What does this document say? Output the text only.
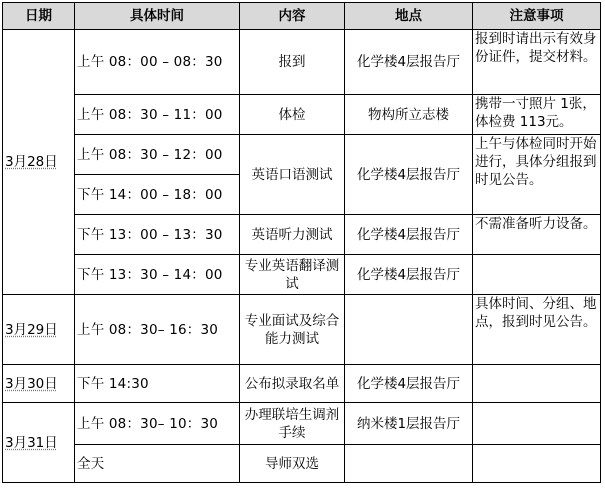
日期	具体时间	内容	地点	注意事项
3月28日	上午 08：00 – 08：30	报到	化学楼4层报告厅	报到时请出示有效身份证件，提交材料。
	上午 08：30 – 11：00	体检	物构所立志楼	携带一寸照片 1张，体检费 113元。
	上午 08：30 – 12：00	英语口语测试	化学楼4层报告厅	上午与体检同时开始进行，具体分组报到时见公告。
	下午 14：00 – 18：00			
	下午 13：00 – 13：30	英语听力测试	化学楼4层报告厅	不需准备听力设备。
	下午 13：30 – 14：00	专业英语翻译测试	化学楼4层报告厅	
3月29日	上午 08：30– 16：30	专业面试及综合能力测试		具体时间、分组、地点，报到时见公告。
3月30日	下午 14:30	公布拟录取名单	化学楼4层报告厅	
3月31日	上午 08：30– 10：30	办理联培生调剂手续	纳米楼1层报告厅	
	全天	导师双选		
